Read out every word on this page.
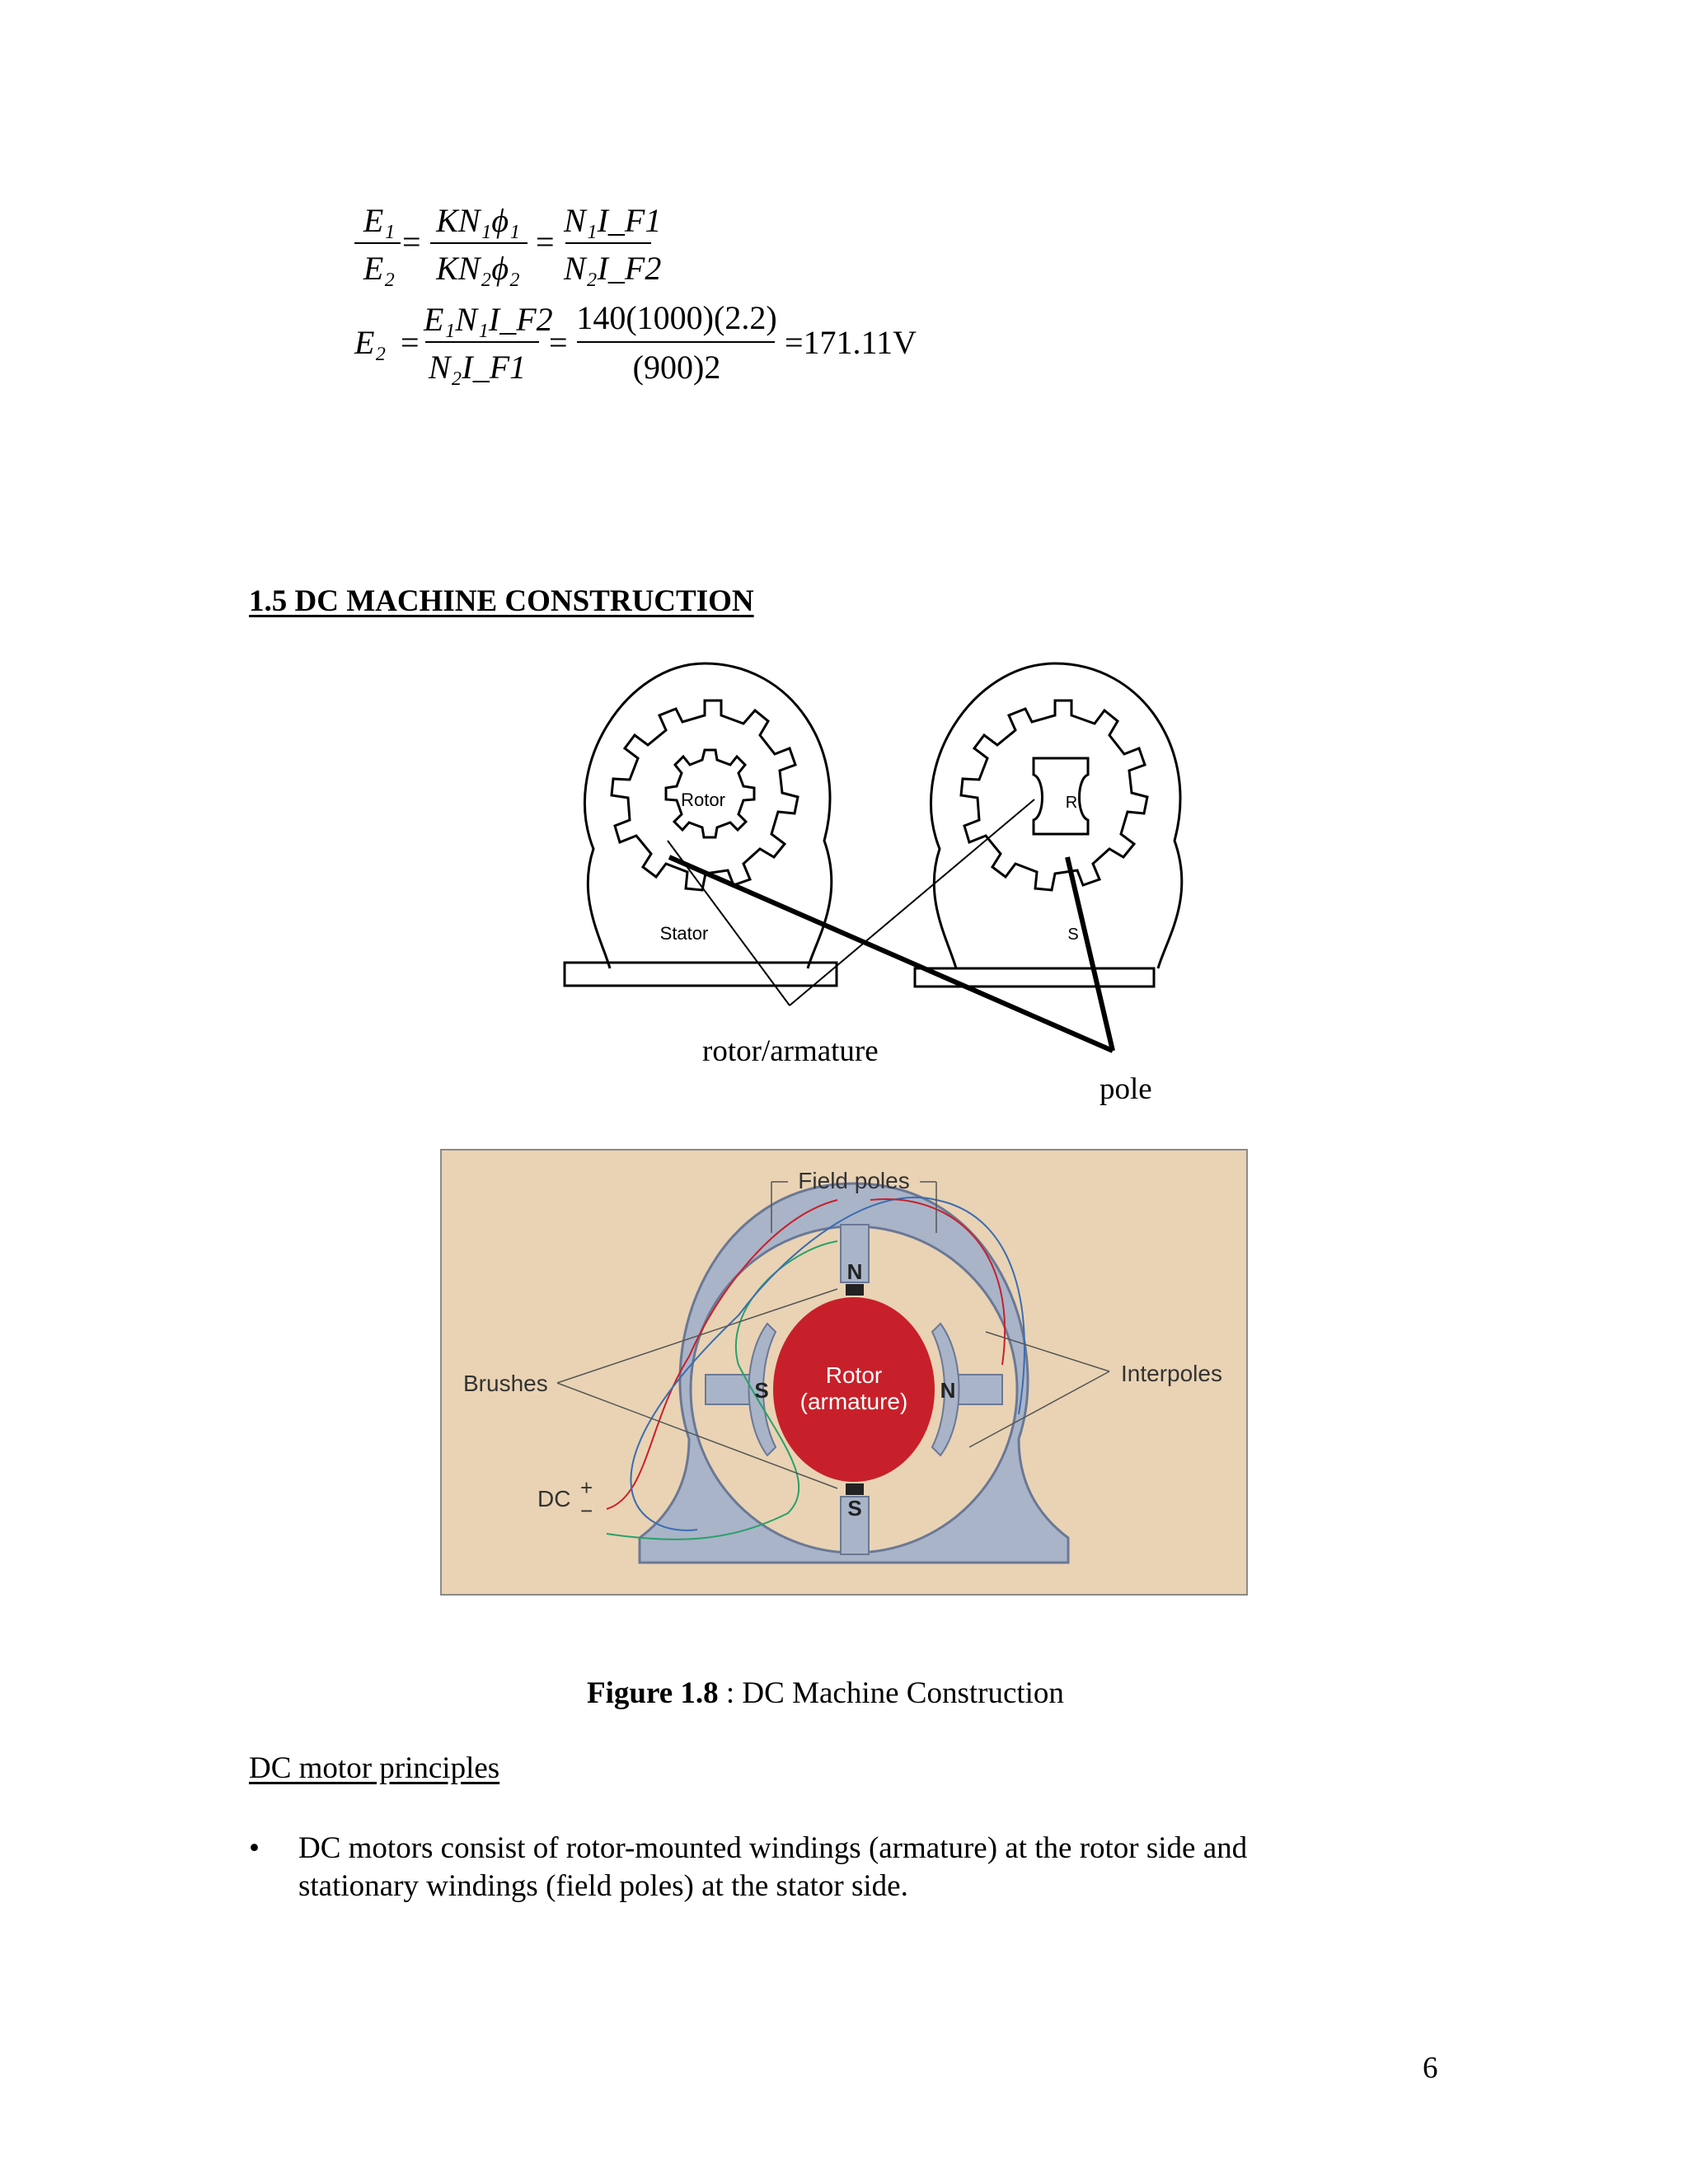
E₁
E₂
=
KN₁ϕ₁
KN₂ϕ₂
=
N₁I_F1
N₂I_F2
E₂ =
E₁N₁I_F2
N₂I_F1
=
140(1000)(2.2)
(900)2
=171.11V
1.5 DC MACHINE CONSTRUCTION
Rotor
Stator
R
S
rotor/armature
pole
Field poles
Brushes	Interpoles
DC +
−
Rotor
(armature)
N
S
S	N
Figure 1.8 : DC Machine Construction
DC motor principles
• DC motors consist of rotor-mounted windings (armature) at the rotor side and
stationary windings (field poles) at the stator side.
6
